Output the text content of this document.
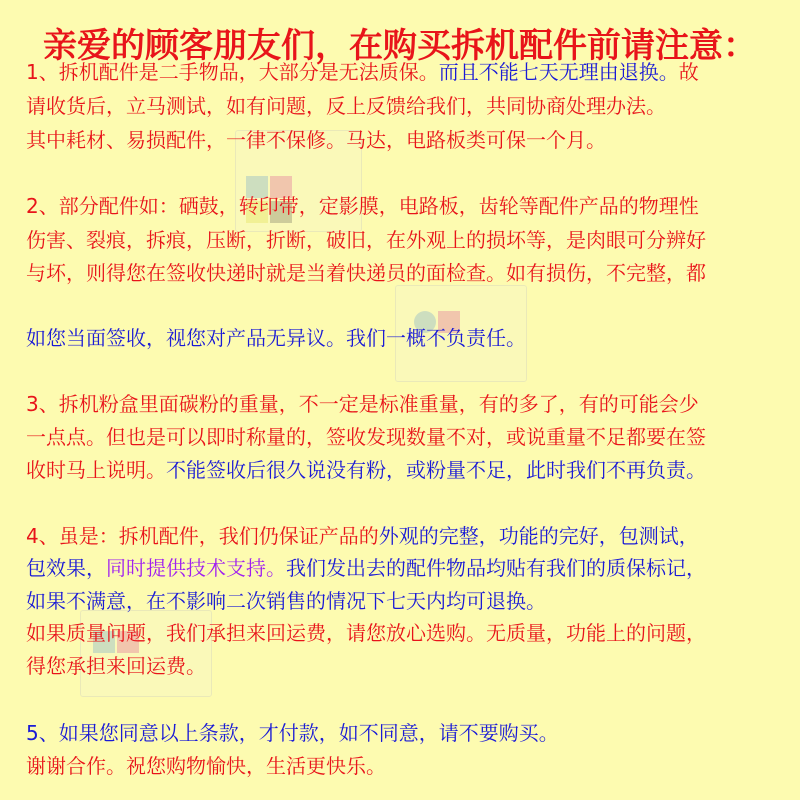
亲爱的顾客朋友们，在购买拆机配件前请注意：
1、拆机配件是二手物品，大部分是无法质保。而且不能七天无理由退换。故
请收货后，立马测试，如有问题，反上反馈给我们，共同协商处理办法。
其中耗材、易损配件，一律不保修。马达，电路板类可保一个月。
2、部分配件如：硒鼓，转印带，定影膜，电路板，齿轮等配件产品的物理性
伤害、裂痕，拆痕，压断，折断，破旧，在外观上的损坏等，是肉眼可分辨好
与坏，则得您在签收快递时就是当着快递员的面检查。如有损伤，不完整，都
如您当面签收，视您对产品无异议。我们一概不负责任。
3、拆机粉盒里面碳粉的重量，不一定是标准重量，有的多了，有的可能会少
一点点。但也是可以即时称量的，签收发现数量不对，或说重量不足都要在签
收时马上说明。不能签收后很久说没有粉，或粉量不足，此时我们不再负责。
4、虽是：拆机配件，我们仍保证产品的外观的完整，功能的完好，包测试，
包效果，同时提供技术支持。我们发出去的配件物品均贴有我们的质保标记，
如果不满意，在不影响二次销售的情况下七天内均可退换。
如果质量问题，我们承担来回运费，请您放心选购。无质量，功能上的问题，
得您承担来回运费。
5、如果您同意以上条款，才付款，如不同意，请不要购买。
谢谢合作。祝您购物愉快，生活更快乐。
